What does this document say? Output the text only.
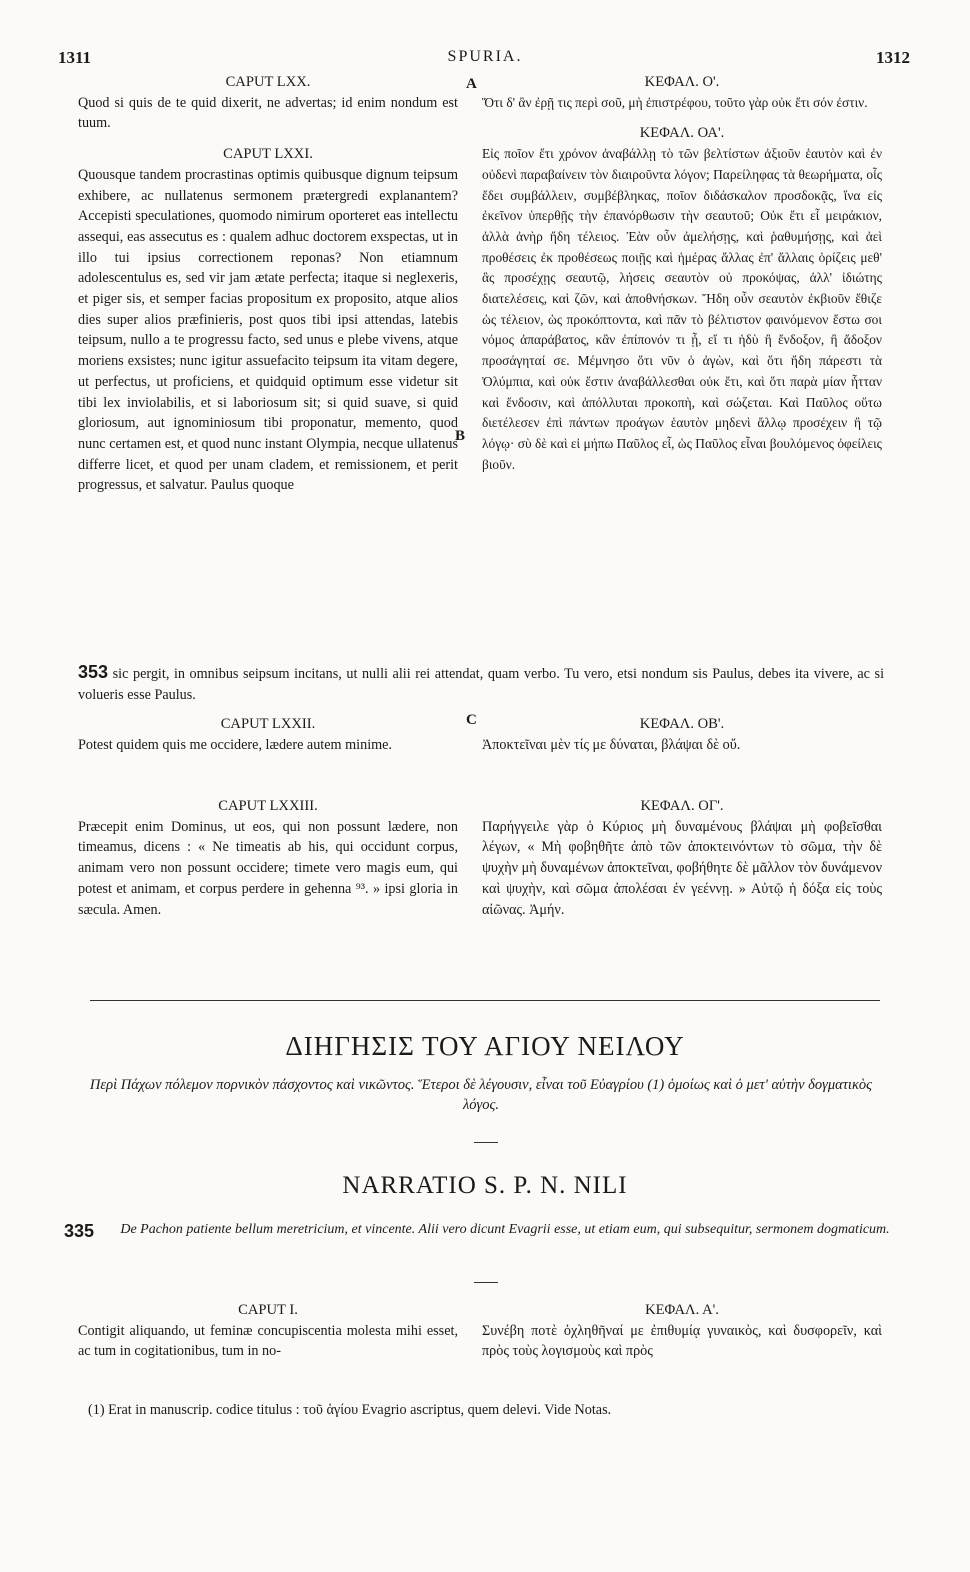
1311	SPURIA.	1312
A
B
C

CAPUT LXX.

Quod si quis de te quid dixerit, ne advertas; id enim nondum est tuum.

CAPUT LXXI.

Quousque tandem procrastinas optimis quibusque dignum teipsum exhibere, ac nullatenus sermonem prætergredi explanantem? Accepisti speculationes, quomodo nimirum oporteret eas intellectu assequi, eas assecutus es : qualem adhuc doctorem exspectas, ut in illo tui ipsius correctionem reponas? Non etiamnum adolescentulus es, sed vir jam ætate perfecta; itaque si neglexeris, et piger sis, et semper facias propositum ex proposito, atque alios dies super alios præfinieris, post quos tibi ipsi attendas, latebis teipsum, nullo a te progressu facto, sed unus e plebe vivens, atque moriens exsistes; nunc igitur assuefacito teipsum ita vitam degere, ut perfectus, ut proficiens, et quidquid optimum esse videtur sit tibi lex inviolabilis, et si laboriosum sit; si quid suave, si quid gloriosum, aut ignominiosum tibi proponatur, memento, quod nunc certamen est, et quod nunc instant Olympia, necque ullatenus differre licet, et quod per unam cladem, et remissionem, et perit progressus, et salvatur. Paulus quoque

ΚΕΦΑΛ. Ο'.

Ὅτι δ' ἂν ἐρῇ τις περὶ σοῦ, μὴ ἐπιστρέφου, τοῦτο γὰρ οὐκ ἔτι σόν ἐστιν.

ΚΕΦΑΛ. ΟΑ'.

Εἰς ποῖον ἔτι χρόνον ἀναβάλλῃ τὸ τῶν βελτίστων ἀξιοῦν ἑαυτὸν καὶ ἐν οὐδενὶ παραβαίνειν τὸν διαιροῦντα λόγον; Παρείληφας τὰ θεωρήματα, οἷς ἔδει συμβάλλειν, συμβέβληκας, ποῖον διδάσκαλον προσδοκᾷς, ἵνα εἰς ἐκεῖνον ὑπερθῇς τὴν ἐπανόρθωσιν τὴν σεαυτοῦ; Οὐκ ἔτι εἶ μειράκιον, ἀλλὰ ἀνὴρ ἤδη τέλειος. Ἐὰν οὖν ἀμελήσῃς, καὶ ῥαθυμήσῃς, καὶ ἀεὶ προθέσεις ἐκ προθέσεως ποιῇς καὶ ἡμέρας ἄλλας ἐπ' ἄλλαις ὁρίζεις μεθ' ἃς προσέχῃς σεαυτῷ, λήσεις σεαυτὸν οὐ προκόψας, ἀλλ' ἰδιώτης διατελέσεις, καὶ ζῶν, καὶ ἀποθνήσκων. Ἤδη οὖν σεαυτὸν ἐκβιοῦν ἔθιζε ὡς τέλειον, ὡς προκόπτοντα, καὶ πᾶν τὸ βέλτιστον φαινόμενον ἔστω σοι νόμος ἀπαράβατος, κἂν ἐπίπονόν τι ᾖ, εἴ τι ἡδὺ ἢ ἔνδοξον, ἢ ἄδοξον προσάγηταί σε. Μέμνησο ὅτι νῦν ὁ ἀγὼν, καὶ ὅτι ἤδη πάρεστι τὰ Ὀλύμπια, καὶ οὐκ ἔστιν ἀναβάλλεσθαι οὐκ ἔτι, καὶ ὅτι παρὰ μίαν ἧτταν καὶ ἔνδοσιν, καὶ ἀπόλλυται προκοπὴ, καὶ σώζεται. Καὶ Παῦλος οὕτω διετέλεσεν ἐπὶ πάντων προάγων ἑαυτὸν μηδενὶ ἄλλῳ προσέχειν ἢ τῷ λόγῳ· σὺ δὲ καὶ εἰ μήπω Παῦλος εἶ, ὡς Παῦλος εἶναι βουλόμενος ὀφείλεις βιοῦν.

353 sic pergit, in omnibus seipsum incitans, ut nulli alii rei attendat, quam verbo. Tu vero, etsi nondum sis Paulus, debes ita vivere, ac si volueris esse Paulus.

CAPUT LXXII.

Potest quidem quis me occidere, lædere autem minime.

ΚΕΦΑΛ. ΟΒ'.

Ἀποκτεῖναι μὲν τίς με δύναται, βλάψαι δὲ οὔ.

CAPUT LXXIII.

Præcepit enim Dominus, ut eos, qui non possunt lædere, non timeamus, dicens : « Ne timeatis ab his, qui occidunt corpus, animam vero non possunt occidere; timete vero magis eum, qui potest et animam, et corpus perdere in gehenna ⁹³. » ipsi gloria in sæcula. Amen.

ΚΕΦΑΛ. ΟΓ'.

Παρήγγειλε γὰρ ὁ Κύριος μὴ δυναμένους βλάψαι μὴ φοβεῖσθαι λέγων, « Μὴ φοβηθῆτε ἀπὸ τῶν ἀποκτεινόντων τὸ σῶμα, τὴν δὲ ψυχὴν μὴ δυναμένων ἀποκτεῖναι, φοβήθητε δὲ μᾶλλον τὸν δυνάμενον καὶ ψυχὴν, καὶ σῶμα ἀπολέσαι ἐν γεέννῃ. » Αὐτῷ ἡ δόξα εἰς τοὺς αἰῶνας. Ἀμήν.

ΔΙΗΓΗΣΙΣ ΤΟΥ ΑΓΙΟΥ ΝΕΙΛΟΥ

Περὶ Πάχων πόλεμον πορνικὸν πάσχοντος καὶ νικῶντος. Ἕτεροι δὲ λέγουσιν, εἶναι τοῦ Εὐαγρίου (1) ὁμοίως καὶ ὁ μετ' αὐτὴν δογματικὸς λόγος.

NARRATIO S. P. N. NILI
335 De Pachon patiente bellum meretricium, et vincente. Alii vero dicunt Evagrii esse, ut etiam eum, qui subsequitur, sermonem dogmaticum.

CAPUT I.

Contigit aliquando, ut feminæ concupiscentia molesta mihi esset, ac tum in cogitationibus, tum in no-

ΚΕΦΑΛ. Α'.

Συνέβη ποτὲ ὀχληθῆναί με ἐπιθυμίᾳ γυναικὸς, καὶ δυσφορεῖν, καὶ πρὸς τοὺς λογισμοὺς καὶ πρὸς

(1) Erat in manuscrip. codice titulus : τοῦ ἁγίου Evagrio ascriptus, quem delevi. Vide Notas.
